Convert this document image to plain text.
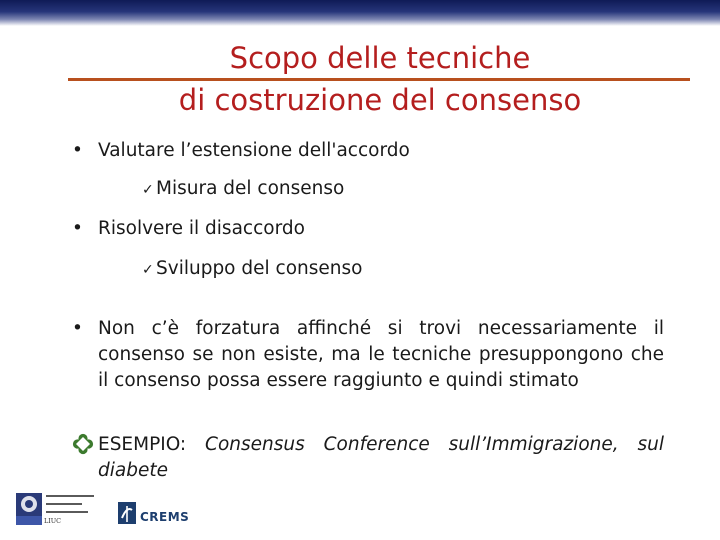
Scopo delle tecniche
di costruzione del consenso
• Valutare l’estensione dell'accordo
✓ Misura del consenso
• Risolvere il disaccordo
✓ Sviluppo del consenso
• Non c’è forzatura affinché si trovi necessariamente il consenso se non esiste, ma le tecniche presuppongono che il consenso possa essere raggiunto e quindi stimato
ESEMPIO: Consensus Conference sull’Immigrazione, sul diabete
LIUC	CREMS
